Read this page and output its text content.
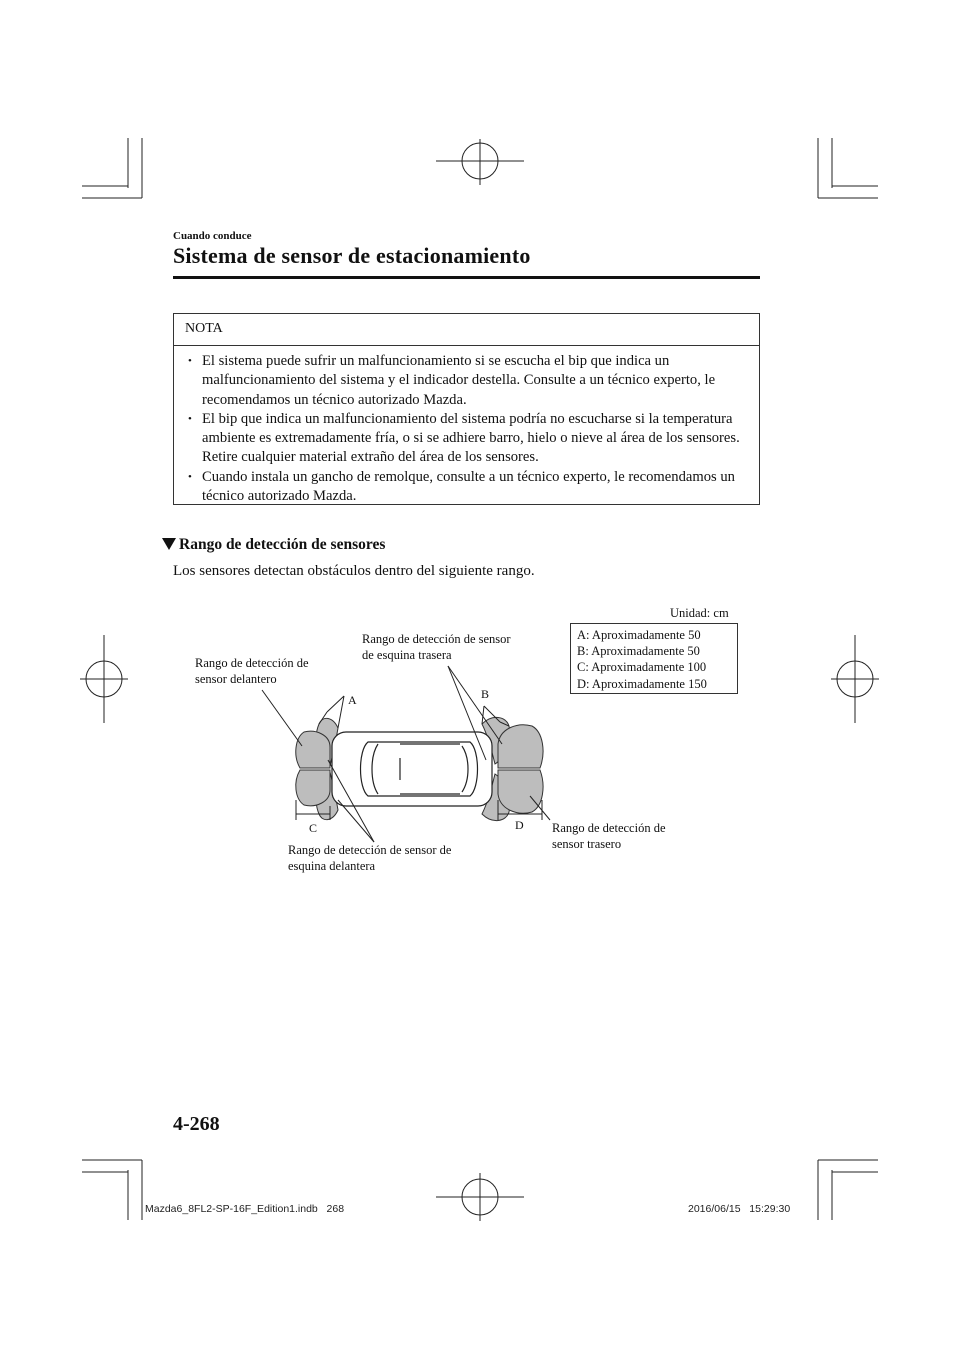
Cuando conduce
Sistema de sensor de estacionamiento
NOTA
• El sistema puede sufrir un malfuncionamiento si se escucha el bip que indica un malfuncionamiento del sistema y el indicador destella. Consulte a un técnico experto, le recomendamos un técnico autorizado Mazda.
• El bip que indica un malfuncionamiento del sistema podría no escucharse si la temperatura ambiente es extremadamente fría, o si se adhiere barro, hielo o nieve al área de los sensores. Retire cualquier material extraño del área de los sensores.
• Cuando instala un gancho de remolque, consulte a un técnico experto, le recomendamos un técnico autorizado Mazda.
Rango de detección de sensores
Los sensores detectan obstáculos dentro del siguiente rango.
A	B
C	D
Rango de detección de
sensor delantero
Rango de detección de sensor
de esquina trasera
Rango de detección de sensor de
esquina delantera
Rango de detección de
sensor trasero
Unidad: cm
A: Aproximadamente 50
B: Aproximadamente 50
C: Aproximadamente 100
D: Aproximadamente 150
4-268
Mazda6_8FL2-SP-16F_Edition1.indb   268	2016/06/15   15:29:30
